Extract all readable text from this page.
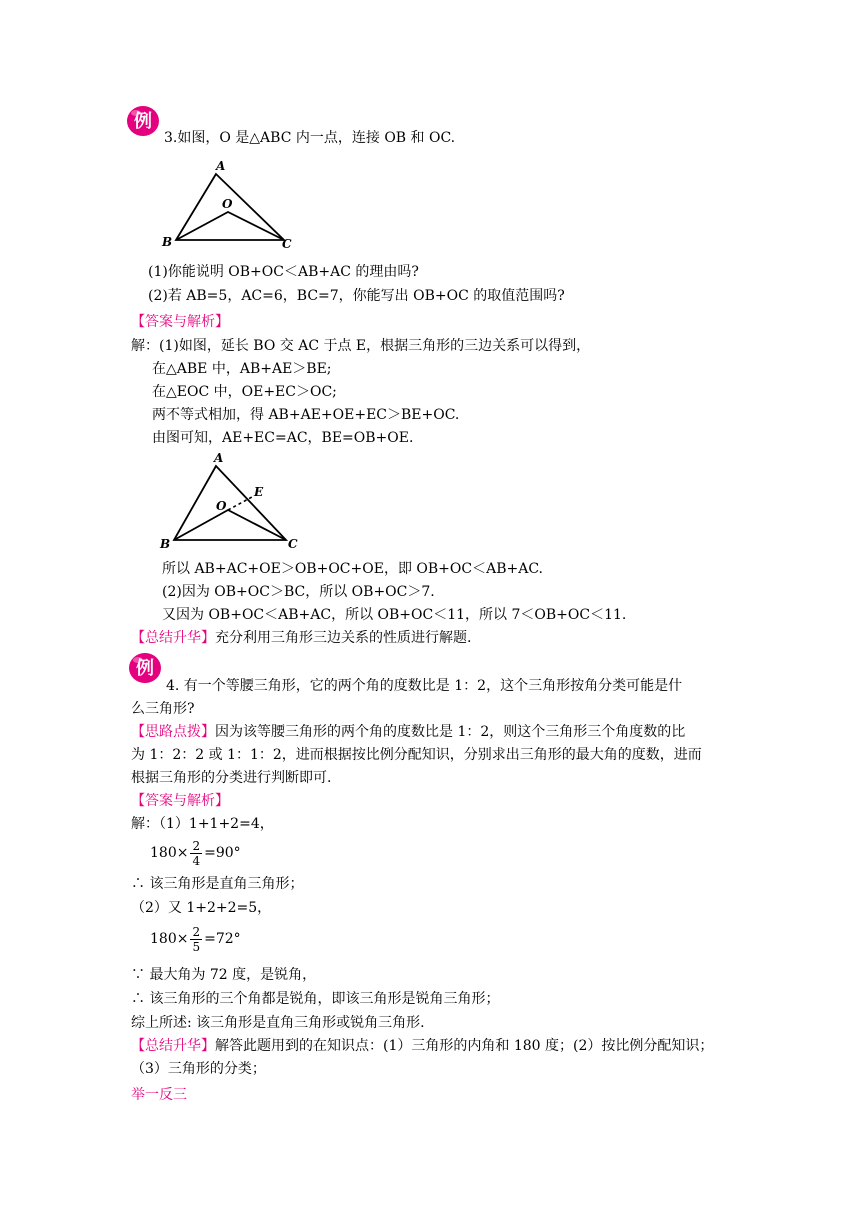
例
3.如图，O 是△ABC 内一点，连接 OB 和 OC.
A
B	C
O
(1)你能说明 OB+OC＜AB+AC 的理由吗?
(2)若 AB=5，AC=6，BC=7，你能写出 OB+OC 的取值范围吗?
【答案与解析】
解：(1)如图，延长 BO 交 AC 于点 E，根据三角形的三边关系可以得到，
在△ABE 中，AB+AE＞BE;
在△EOC 中，OE+EC＞OC;
两不等式相加，得 AB+AE+OE+EC＞BE+OC.
由图可知，AE+EC=AC，BE=OB+OE.
A
B	C
O
E
所以 AB+AC+OE＞OB+OC+OE，即 OB+OC＜AB+AC.
(2)因为 OB+OC＞BC，所以 OB+OC＞7.
又因为 OB+OC＜AB+AC，所以 OB+OC＜11，所以 7＜OB+OC＜11.
【总结升华】充分利用三角形三边关系的性质进行解题.
例
4. 有一个等腰三角形，它的两个角的度数比是 1：2，这个三角形按角分类可能是什
么三角形?
【思路点拨】因为该等腰三角形的两个角的度数比是 1：2，则这个三角形三个角度数的比
为 1：2：2 或 1：1：2，进而根据按比例分配知识，分别求出三角形的最大角的度数，进而
根据三角形的分类进行判断即可.
【答案与解析】
解：（1）1+1+2=4，
$180\times \frac{2}{4} =90^\circ$
∴ 该三角形是直角三角形；
（2）又 1+2+2=5，
$180\times \frac{2}{5} =72^\circ$
∵ 最大角为 72 度，是锐角，
∴ 该三角形的三个角都是锐角，即该三角形是锐角三角形；
综上所述: 该三角形是直角三角形或锐角三角形.
【总结升华】解答此题用到的在知识点：(1）三角形的内角和 180 度；(2）按比例分配知识；
（3）三角形的分类；
举一反三
